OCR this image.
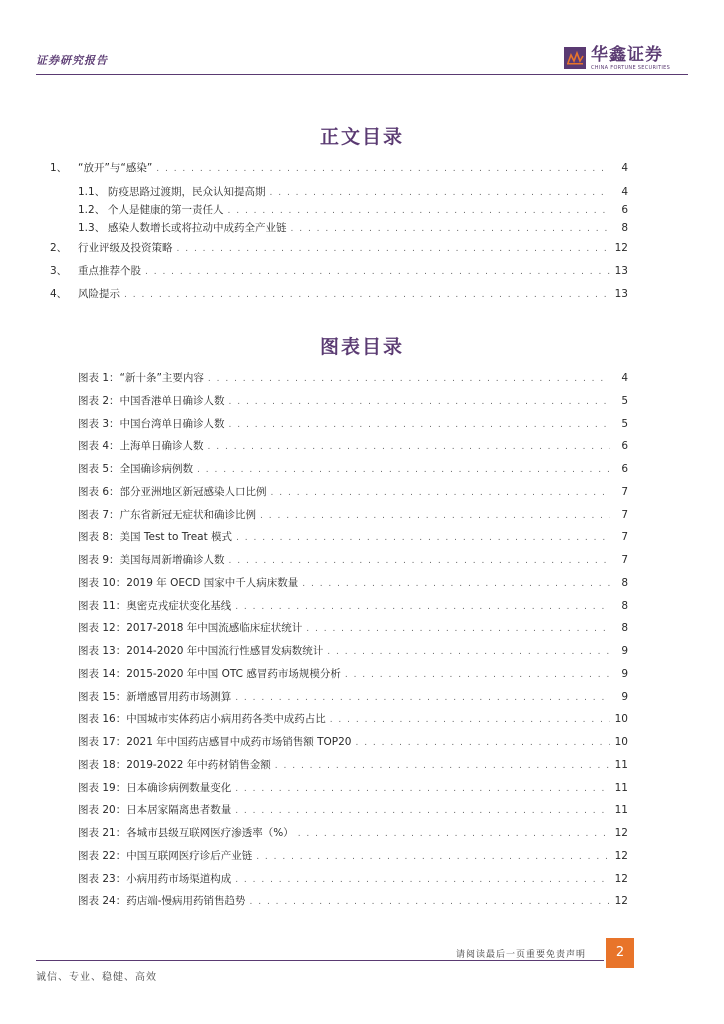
证券研究报告	华鑫证券
CHINA FORTUNE SECURITIES
正文目录
1、	“放开”与“感染” . . .	4
1.1、 防疫思路过渡期，民众认知提高期 . . .	4
1.2、 个人是健康的第一责任人 . . .	6
1.3、 感染人数增长或将拉动中成药全产业链 . . .	8
2、	行业评级及投资策略 . . .	12
3、	重点推荐个股 . . .	13
4、	风险提示 . . .	13
图表目录
图表 1：“新十条”主要内容 . . .	4
图表 2：中国香港单日确诊人数 . . .	5
图表 3：中国台湾单日确诊人数 . . .	5
图表 4：上海单日确诊人数 . . .	6
图表 5：全国确诊病例数 . . .	6
图表 6：部分亚洲地区新冠感染人口比例 . . .	7
图表 7：广东省新冠无症状和确诊比例 . . .	7
图表 8：美国 Test to Treat 模式 . . .	7
图表 9：美国每周新增确诊人数 . . .	7
图表 10：2019 年 OECD 国家中千人病床数量 . . .	8
图表 11：奥密克戎症状变化基线 . . .	8
图表 12：2017-2018 年中国流感临床症状统计 . . .	8
图表 13：2014-2020 年中国流行性感冒发病数统计 . . .	9
图表 14：2015-2020 年中国 OTC 感冒药市场规模分析 . . .	9
图表 15：新增感冒用药市场测算 . . .	9
图表 16：中国城市实体药店小病用药各类中成药占比 . . .	10
图表 17：2021 年中国药店感冒中成药市场销售额 TOP20 . . .	10
图表 18：2019-2022 年中药材销售金额 . . .	11
图表 19：日本确诊病例数量变化 . . .	11
图表 20：日本居家隔离患者数量 . . .	11
图表 21：各城市县级互联网医疗渗透率（%） . . .	12
图表 22：中国互联网医疗诊后产业链 . . .	12
图表 23：小病用药市场渠道构成 . . .	12
图表 24：药店端-慢病用药销售趋势 . . .	12
请阅读最后一页重要免责声明	2
诚信、专业、稳健、高效
